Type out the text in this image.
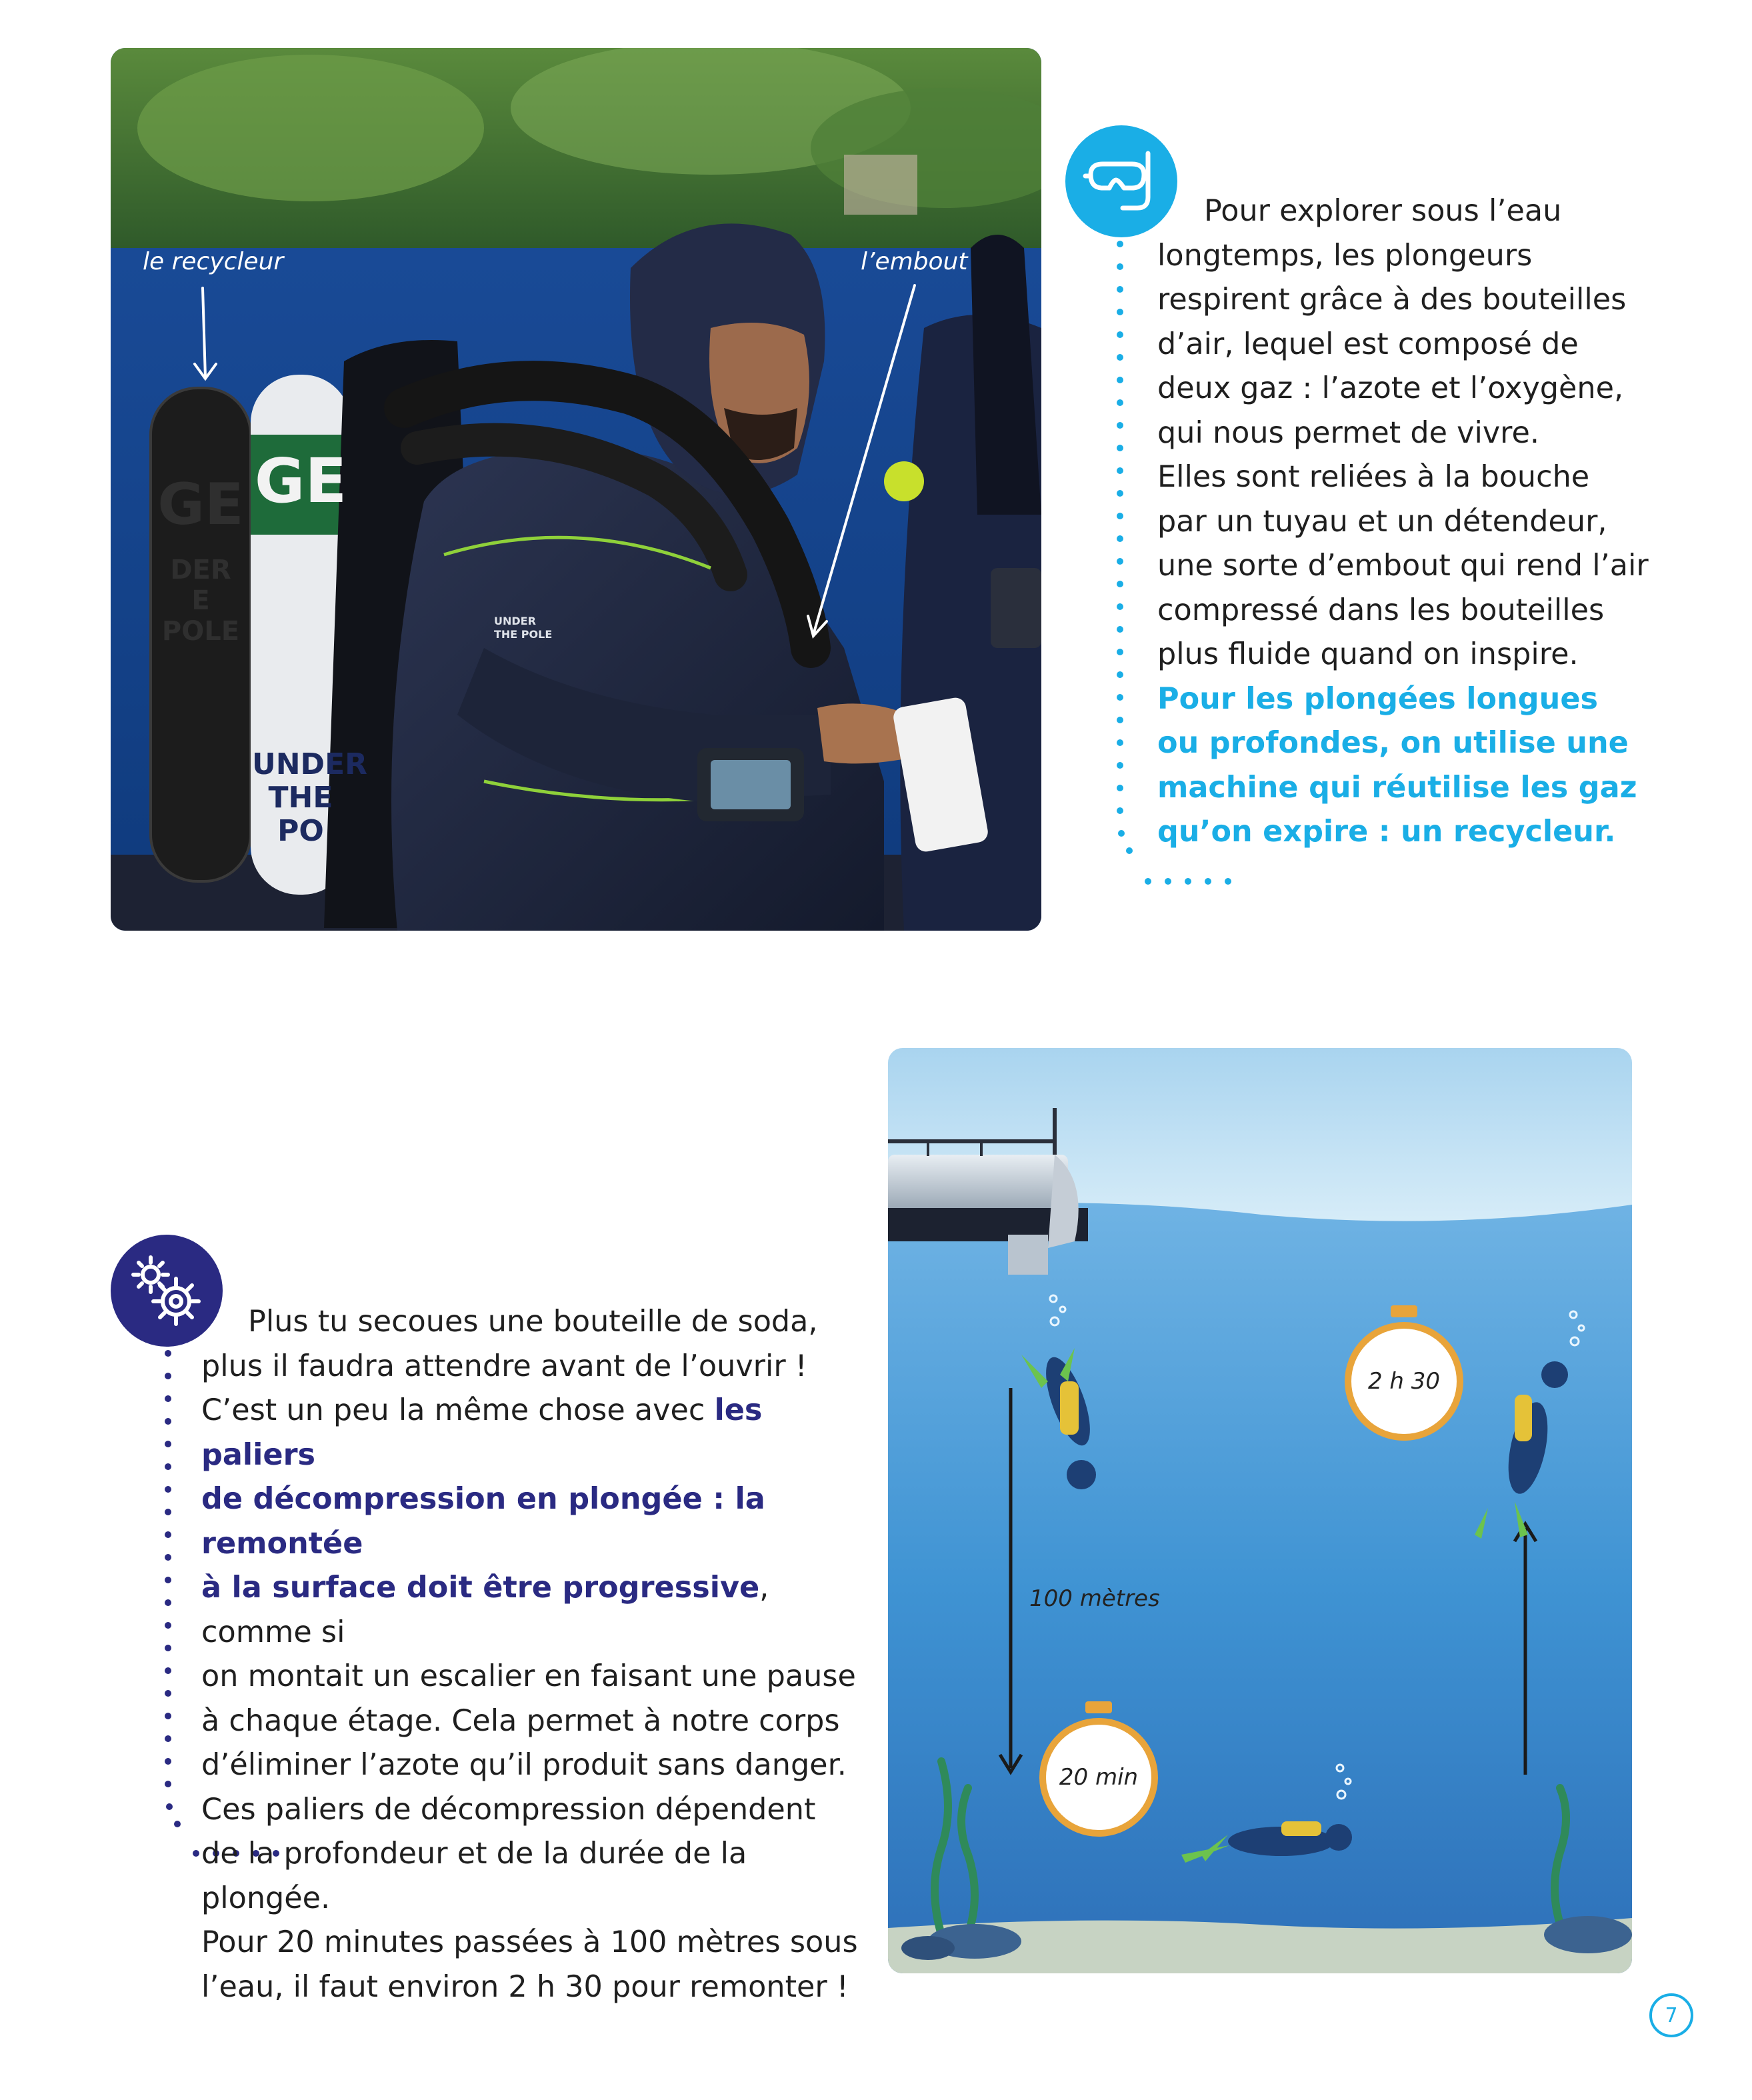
GE
DER
E POLE
GE
UNDER
THE PO
UNDER
THE POLE
le recycleur	l’embout

Pour explorer sous l’eau

longtemps, les plongeurs

respirent grâce à des bouteilles

d’air, lequel est composé de

deux gaz : l’azote et l’oxygène,

qui nous permet de vivre.

Elles sont reliées à la bouche

par un tuyau et un détendeur,

une sorte d’embout qui rend l’air

compressé dans les bouteilles

plus fluide quand on inspire.

Pour les plongées longues

ou profondes, on utilise une

machine qui réutilise les gaz

qu’on expire : un recycleur.

Plus tu secoues une bouteille de soda,

plus il faudra attendre avant de l’ouvrir !

C’est un peu la même chose avec les paliers

de décompression en plongée : la remontée

à la surface doit être progressive, comme si

on montait un escalier en faisant une pause

à chaque étage. Cela permet à notre corps

d’éliminer l’azote qu’il produit sans danger.

Ces paliers de décompression dépendent

de la profondeur et de la durée de la plongée.

Pour 20 minutes passées à 100 mètres sous

l’eau, il faut environ 2 h 30 pour remonter !

100 mètres
20 min
2 h 30
7
